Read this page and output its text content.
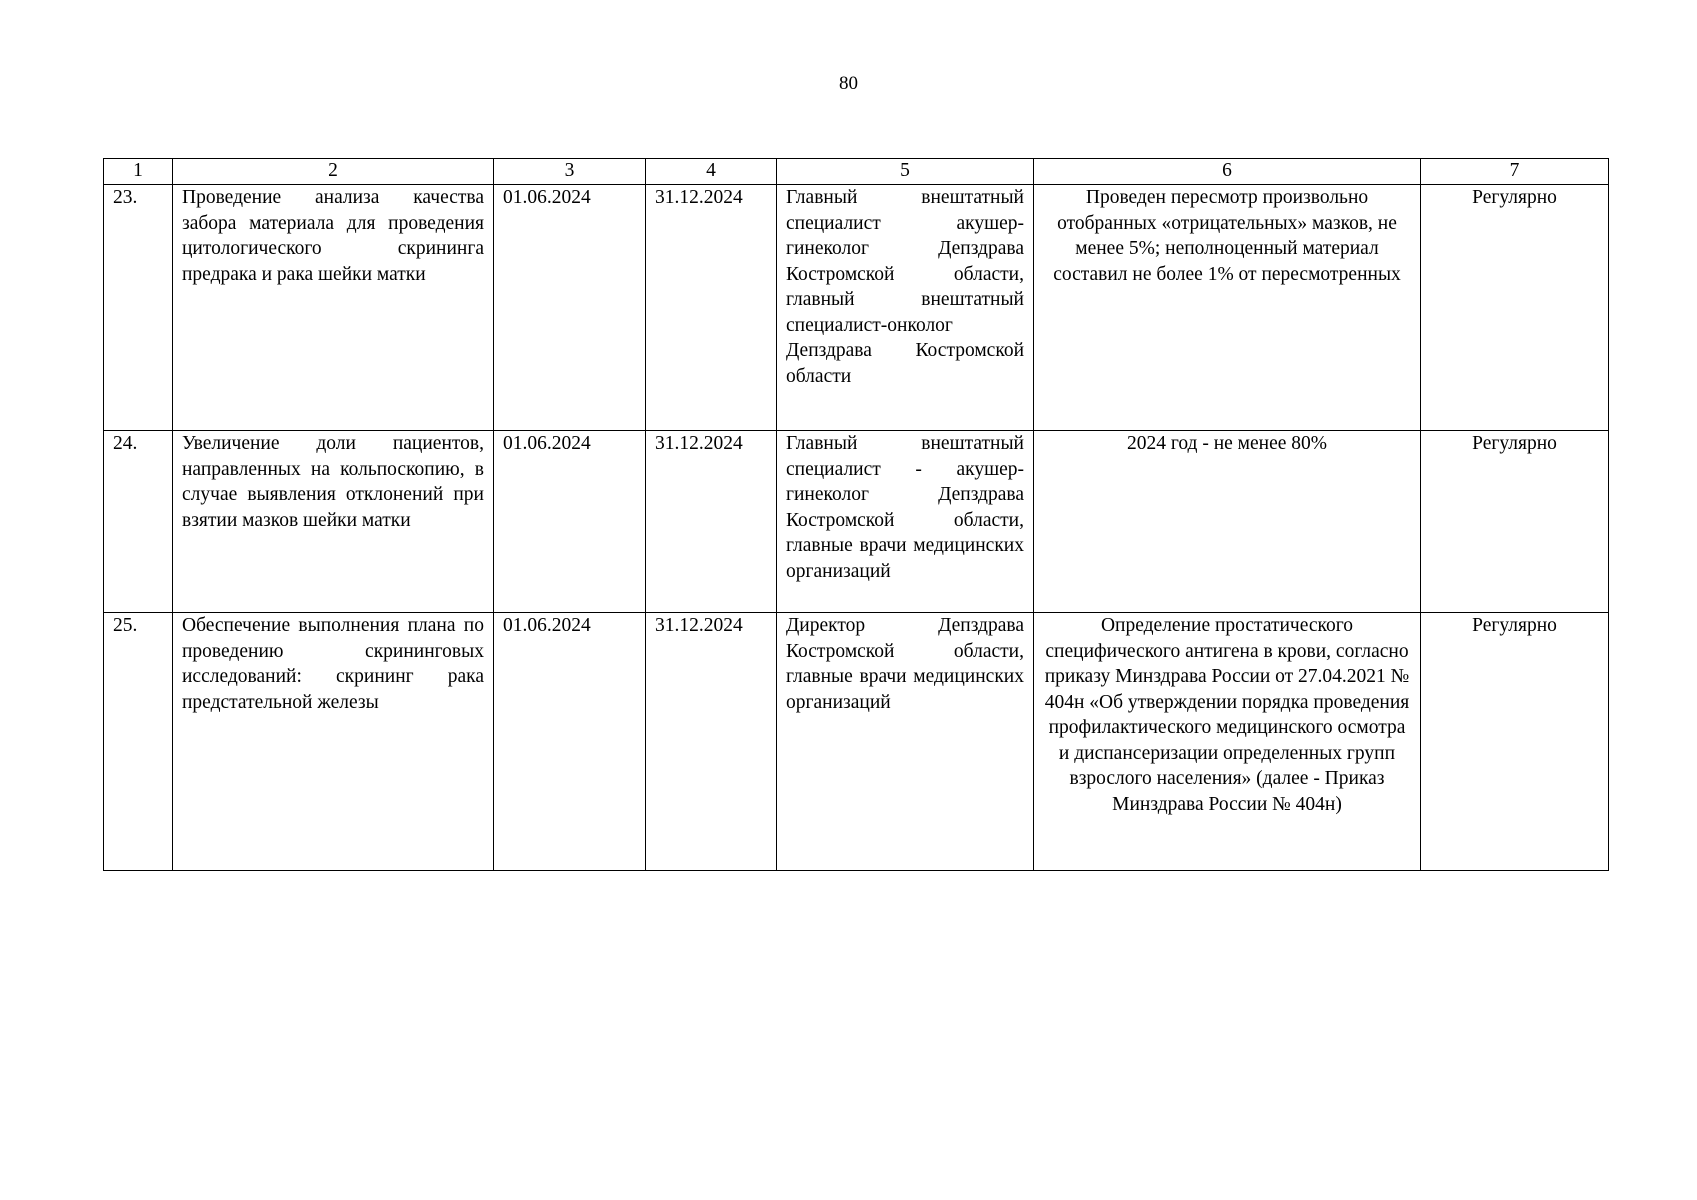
80
1	2	3	4	5	6	7
23.	Проведение анализа качества забора материала для проведения цитологического скрининга предрака и рака шейки матки	01.06.2024	31.12.2024	Главный внештатный специалист акушер-гинеколог Депздрава Костромской области, главный внештатный специалист-онколог Депздрава Костромской области	Проведен пересмотр произвольно отобранных «отрицательных» мазков, не менее 5%; неполноценный материал составил не более 1% от пересмотренных	Регулярно
24.	Увеличение доли пациентов, направленных на кольпоскопию, в случае выявления отклонений при взятии мазков шейки матки	01.06.2024	31.12.2024	Главный внештатный специалист - акушер-гинеколог Депздрава Костромской области, главные врачи медицинских организаций	2024 год - не менее 80%	Регулярно
25.	Обеспечение выполнения плана по проведению скрининговых исследований: скрининг рака предстательной железы	01.06.2024	31.12.2024	Директор Депздрава Костромской области, главные врачи медицинских организаций	Определение простатического специфического антигена в крови, согласно приказу Минздрава России от 27.04.2021 № 404н «Об утверждении порядка проведения профилактического медицинского осмотра и диспансеризации определенных групп взрослого населения» (далее - Приказ Минздрава России № 404н)	Регулярно
